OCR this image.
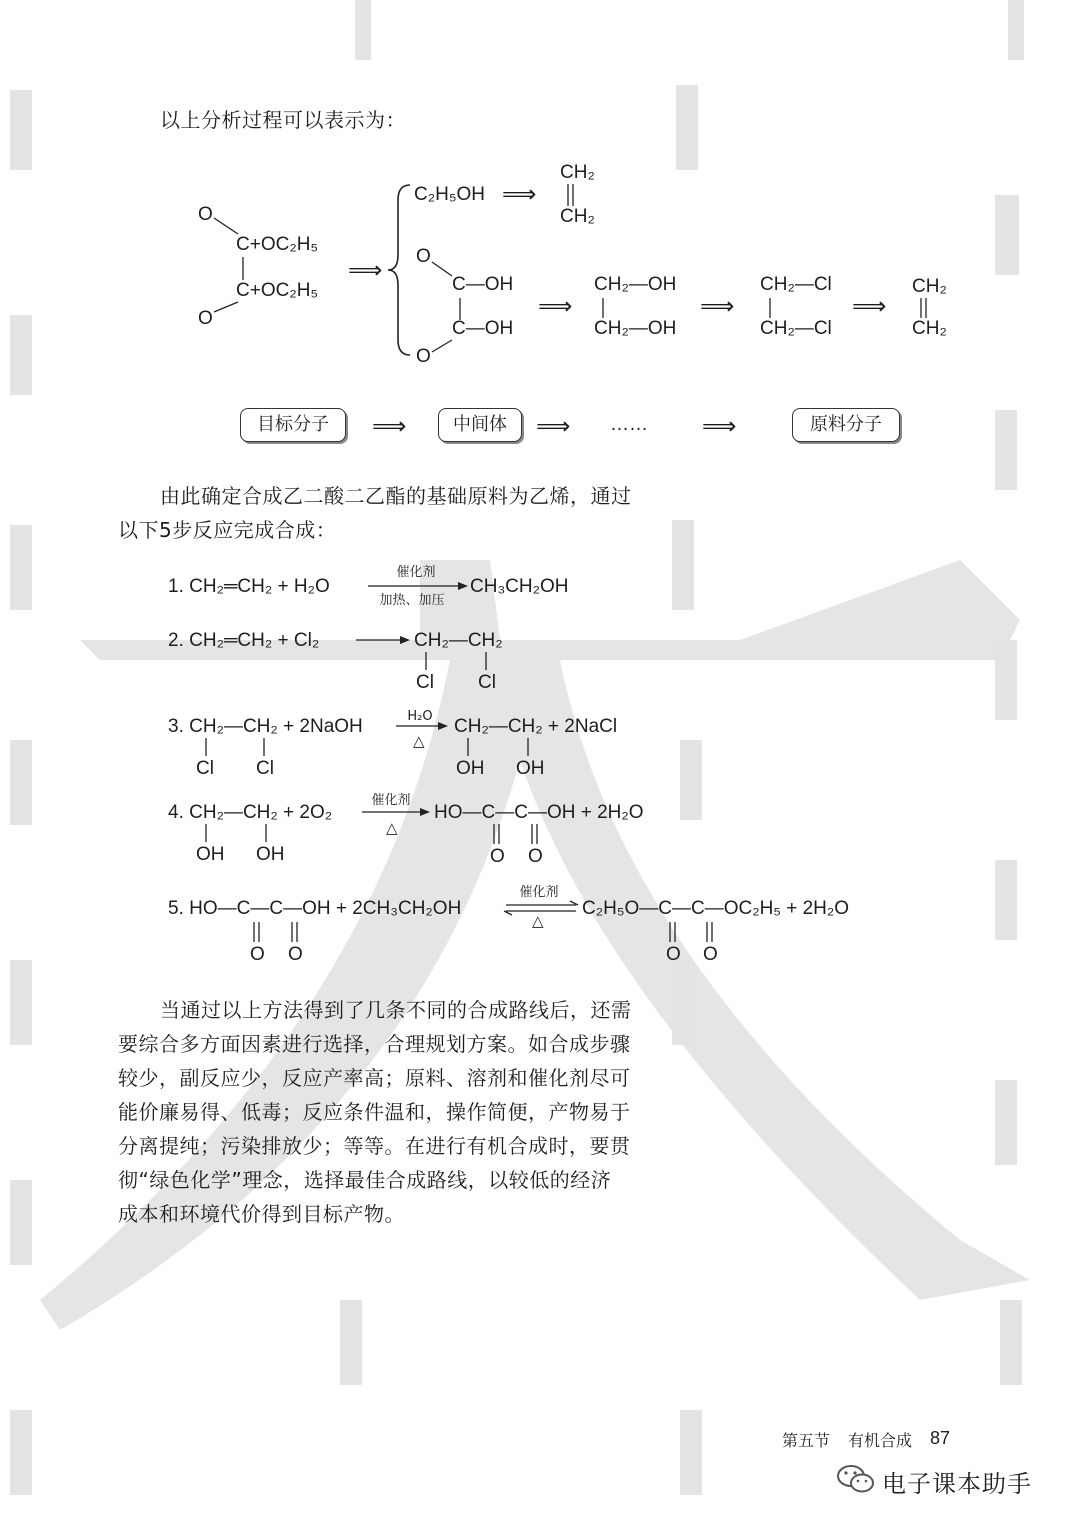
以上分析过程可以表示为：
O
C+OC₂H₅
C+OC₂H₅
O
⟹
C₂H₅OH ⟹
CH₂
CH₂
O
C—OH
C—OH
O
⟹
CH₂—OH
CH₂—OH
⟹
CH₂—Cl
CH₂—Cl
⟹
CH₂
CH₂
目标分子	⟹	中间体	⟹ …… ⟹	原料分子
由此确定合成乙二酸二乙酯的基础原料为乙烯，通过
以下5步反应完成合成：
1. CH₂═CH₂ + H₂O
催化剂
加热、加压
CH₃CH₂OH
2. CH₂═CH₂ + Cl₂	CH₂—CH₂
Cl Cl
3. CH₂—CH₂ + 2NaOH
Cl Cl
H₂O
△
CH₂—CH₂ + 2NaCl
OH OH
4. CH₂—CH₂ + 2O₂
OH OH
催化剂
△
HO—C—C—OH + 2H₂O
O O
5. HO—C—C—OH + 2CH₃CH₂OH
O O
催化剂
△
C₂H₅O—C—C—OC₂H₅ + 2H₂O
O O
当通过以上方法得到了几条不同的合成路线后，还需
要综合多方面因素进行选择，合理规划方案。如合成步骤
较少，副反应少，反应产率高；原料、溶剂和催化剂尽可
能价廉易得、低毒；反应条件温和，操作简便，产物易于
分离提纯；污染排放少；等等。在进行有机合成时，要贯
彻“绿色化学”理念，选择最佳合成路线，以较低的经济
成本和环境代价得到目标产物。
第五节 有机合成 87
电子课本助手
